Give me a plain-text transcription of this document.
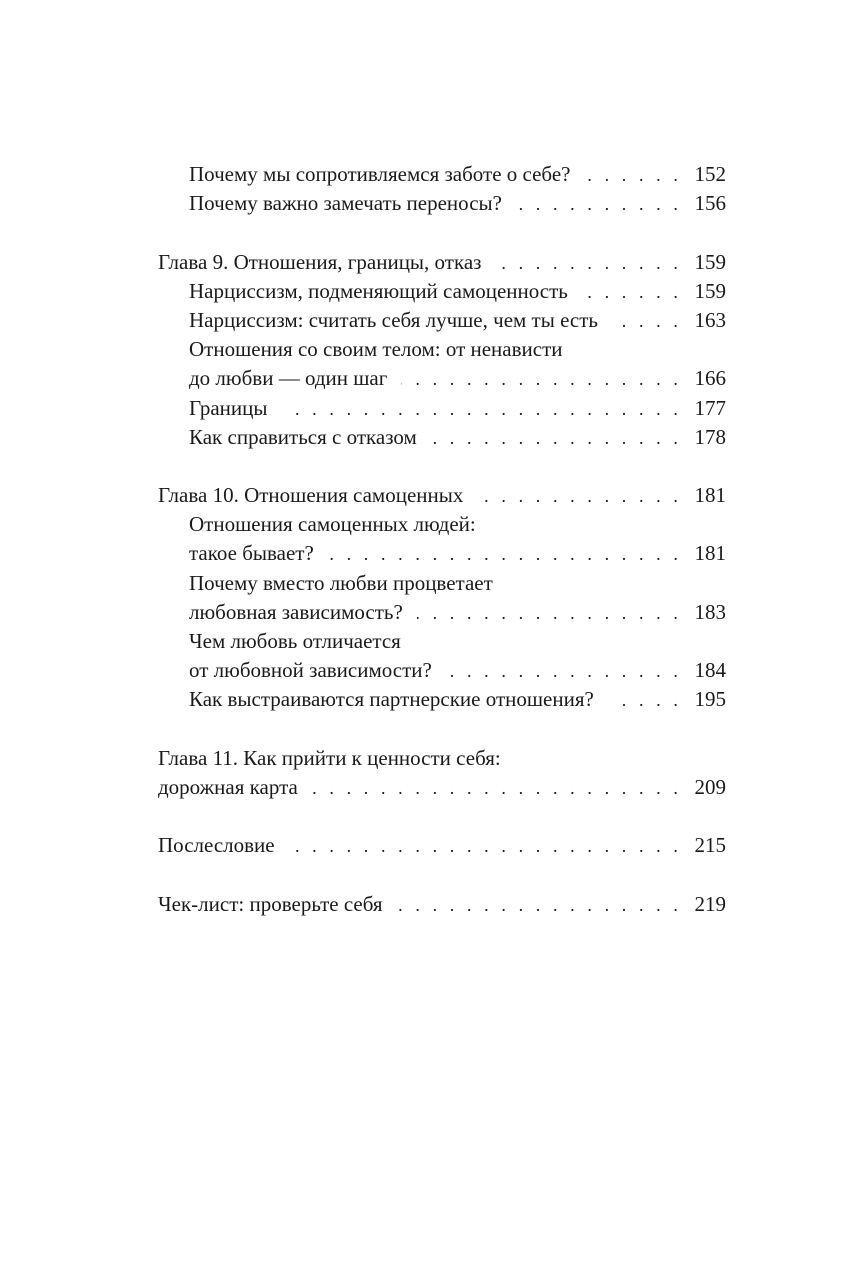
Почему мы сопротивляемся заботе о себе? . . .	152
Почему важно замечать переносы? . . .	156
Глава 9. Отношения, границы, отказ . . .	159
Нарциссизм, подменяющий самоценность . . .	159
Нарциссизм: считать себя лучше, чем ты есть . . .	163
Отношения со своим телом: от ненависти
до любви — один шаг . . .	166
Границы . . .	177
Как справиться с отказом . . .	178
Глава 10. Отношения самоценных . . .	181
Отношения самоценных людей:
такое бывает? . . .	181
Почему вместо любви процветает
любовная зависимость? . . .	183
Чем любовь отличается
от любовной зависимости? . . .	184
Как выстраиваются партнерские отношения? . . .	195
Глава 11. Как прийти к ценности себя:
дорожная карта . . .	209
Послесловие . . .	215
Чек-лист: проверьте себя . . .	219
